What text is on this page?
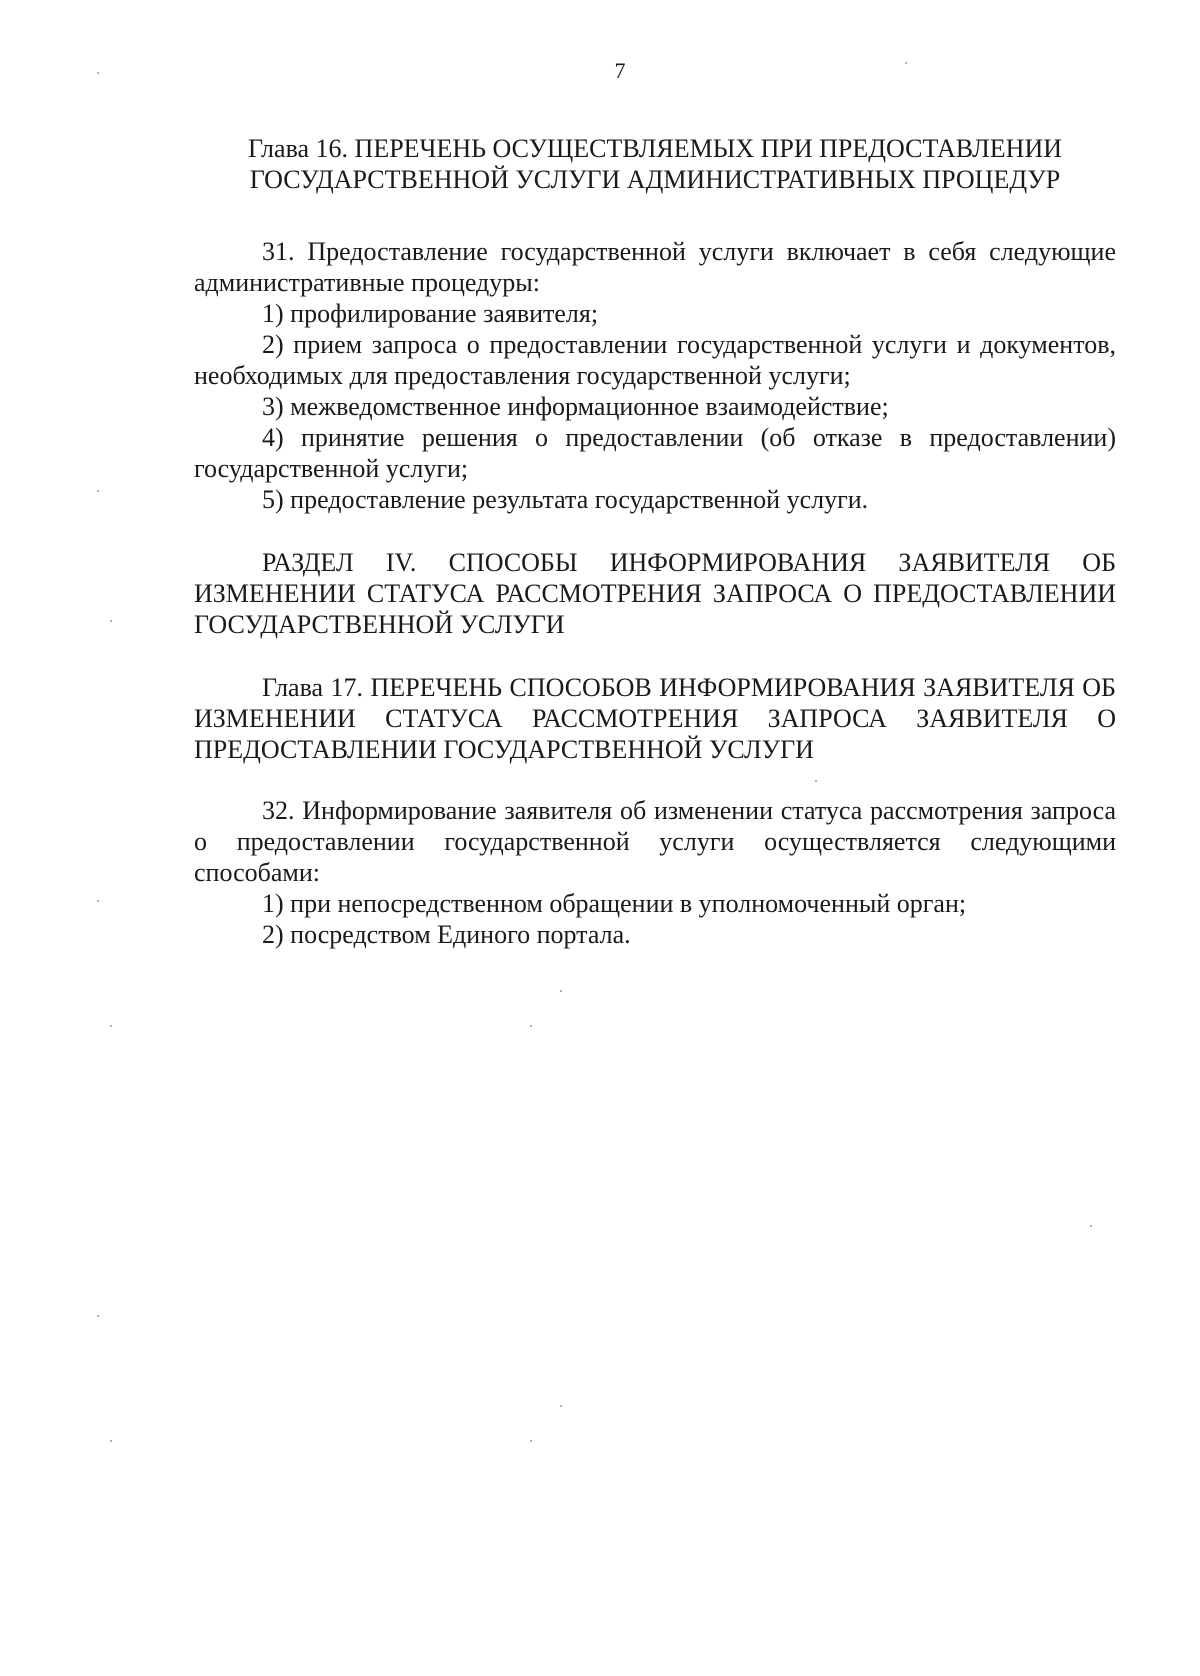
7
Глава 16. ПЕРЕЧЕНЬ ОСУЩЕСТВЛЯЕМЫХ ПРИ ПРЕДОСТАВЛЕНИИ
ГОСУДАРСТВЕННОЙ УСЛУГИ АДМИНИСТРАТИВНЫХ ПРОЦЕДУР

31. Предоставление государственной услуги включает в себя следующие административные процедуры:

1) профилирование заявителя;

2) прием запроса о предоставлении государственной услуги и документов, необходимых для предоставления государственной услуги;

3) межведомственное информационное взаимодействие;

4) принятие решения о предоставлении (об отказе в предоставлении) государственной услуги;

5) предоставление результата государственной услуги.

РАЗДЕЛ IV. СПОСОБЫ ИНФОРМИРОВАНИЯ ЗАЯВИТЕЛЯ ОБ ИЗМЕНЕНИИ СТАТУСА РАССМОТРЕНИЯ ЗАПРОСА О ПРЕДОСТАВЛЕНИИ ГОСУДАРСТВЕННОЙ УСЛУГИ
Глава 17. ПЕРЕЧЕНЬ СПОСОБОВ ИНФОРМИРОВАНИЯ ЗАЯВИТЕЛЯ ОБ ИЗМЕНЕНИИ СТАТУСА РАССМОТРЕНИЯ ЗАПРОСА ЗАЯВИТЕЛЯ О ПРЕДОСТАВЛЕНИИ ГОСУДАРСТВЕННОЙ УСЛУГИ

32. Информирование заявителя об изменении статуса рассмотрения запроса о предоставлении государственной услуги осуществляется следующими способами:

1) при непосредственном обращении в уполномоченный орган;

2) посредством Единого портала.
